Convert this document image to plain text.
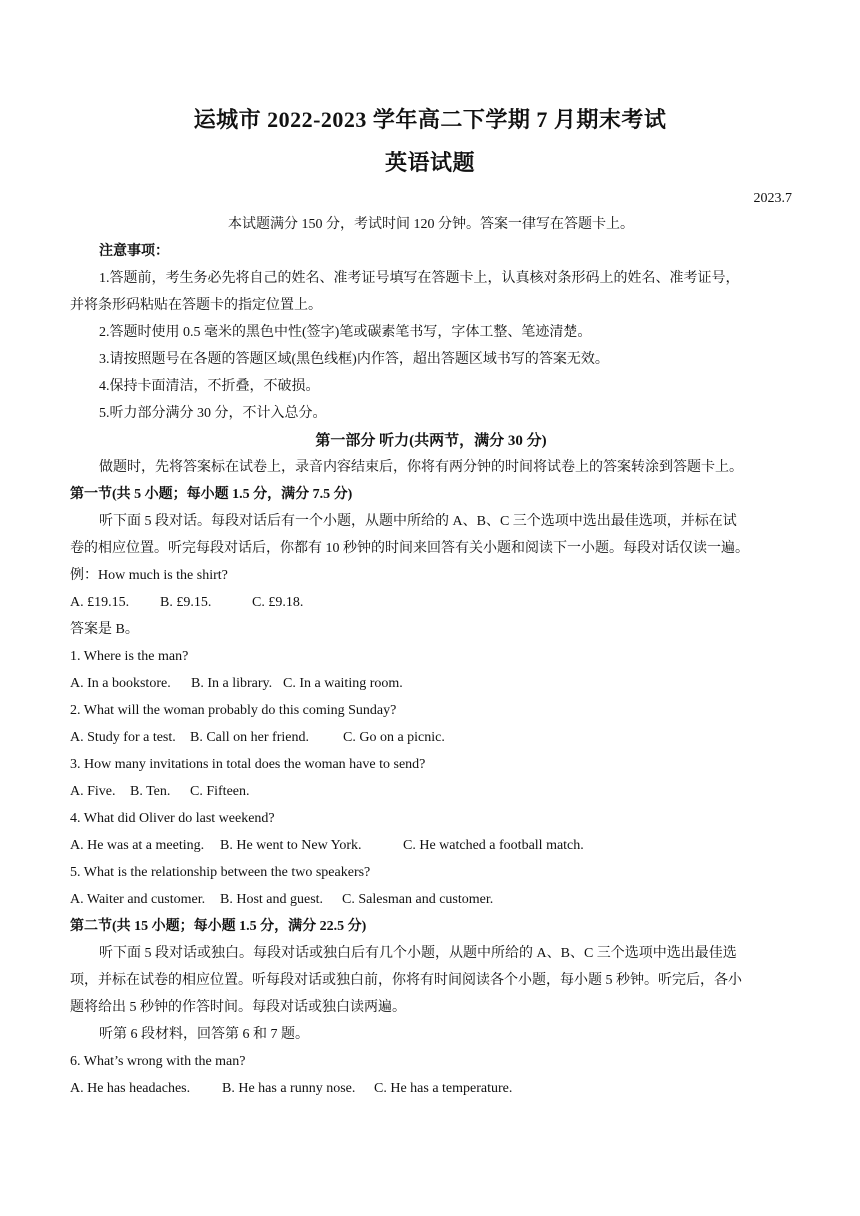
运城市 2022-2023 学年高二下学期 7 月期末考试
英语试题
2023.7
本试题满分 150 分，考试时间 120 分钟。答案一律写在答题卡上。
注意事项：
1.答题前，考生务必先将自己的姓名、准考证号填写在答题卡上，认真核对条形码上的姓名、准考证号，
并将条形码粘贴在答题卡的指定位置上。
2.答题时使用 0.5 毫米的黑色中性(签字)笔或碳素笔书写，字体工整、笔迹清楚。
3.请按照题号在各题的答题区域(黑色线框)内作答，超出答题区域书写的答案无效。
4.保持卡面清洁，不折叠，不破损。
5.听力部分满分 30 分，不计入总分。
第一部分 听力(共两节，满分 30 分)
做题时，先将答案标在试卷上，录音内容结束后，你将有两分钟的时间将试卷上的答案转涂到答题卡上。
第一节(共 5 小题；每小题 1.5 分，满分 7.5 分)
听下面 5 段对话。每段对话后有一个小题，从题中所给的 A、B、C 三个选项中选出最佳选项，并标在试
卷的相应位置。听完每段对话后，你都有 10 秒钟的时间来回答有关小题和阅读下一小题。每段对话仅读一遍。
例：How much is the shirt?
A. £19.15. B. £9.15.	C. £9.18.
答案是 B。
1. Where is the man?
A. In a bookstore. B. In a library. C. In a waiting room.
2. What will the woman probably do this coming Sunday?
A. Study for a test. B. Call on her friend. C. Go on a picnic.
3. How many invitations in total does the woman have to send?
A. Five. B. Ten. C. Fifteen.
4. What did Oliver do last weekend?
A. He was at a meeting. B. He went to New York.	C. He watched a football match.
5. What is the relationship between the two speakers?
A. Waiter and customer. B. Host and guest. C. Salesman and customer.
第二节(共 15 小题；每小题 1.5 分，满分 22.5 分)
听下面 5 段对话或独白。每段对话或独白后有几个小题，从题中所给的 A、B、C 三个选项中选出最佳选
项，并标在试卷的相应位置。听每段对话或独白前，你将有时间阅读各个小题，每小题 5 秒钟。听完后，各小
题将给出 5 秒钟的作答时间。每段对话或独白读两遍。
听第 6 段材料，回答第 6 和 7 题。
6. What’s wrong with the man?
A. He has headaches. B. He has a runny nose. C. He has a temperature.
